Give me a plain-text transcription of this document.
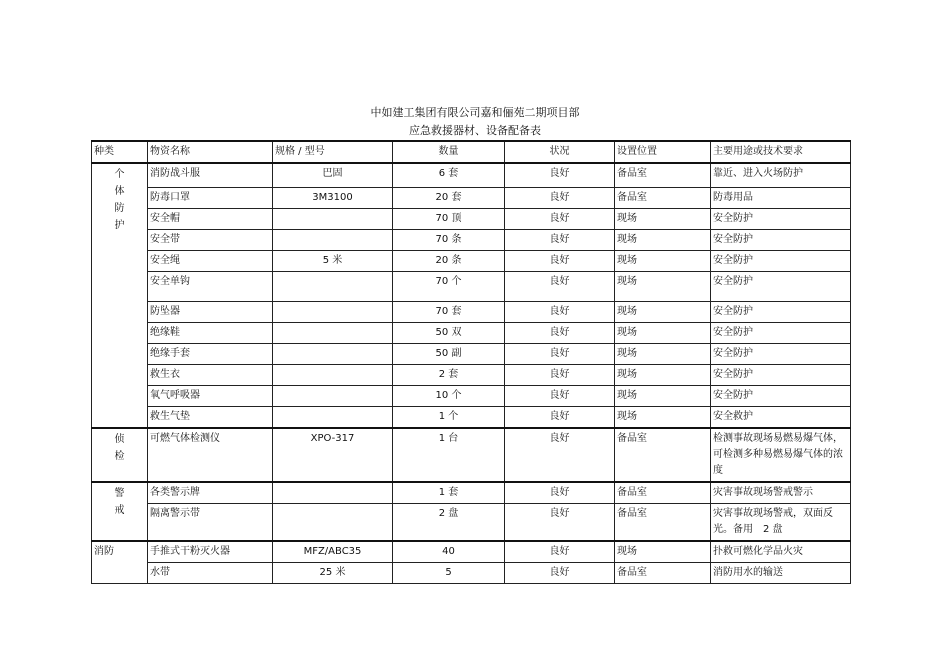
中如建工集团有限公司嘉和俪苑二期项目部
应急救援器材、设备配备表
种类	物资名称	规格 / 型号	数量	状况	设置位置	主要用途或技术要求

个
体
防
护	消防战斗服	巴固	6 套	良好	备品室	靠近、进入火场防护
	防毒口罩	3M3100	20 套	良好	备品室	防毒用品
	安全帽		70 顶	良好	现场	安全防护
	安全带		70 条	良好	现场	安全防护
	安全绳	5 米	20 条	良好	现场	安全防护
	安全单钩		70 个	良好	现场	安全防护
	防坠器		70 套	良好	现场	安全防护
	绝缘鞋		50 双	良好	现场	安全防护
	绝缘手套		50 副	良好	现场	安全防护
	救生衣		2 套	良好	现场	安全防护
	氧气呼吸器		10 个	良好	现场	安全防护
	救生气垫		1 个	良好	现场	安全救护

侦
检	可燃气体检测仪	XPO-317	1 台	良好	备品室	检测事故现场易燃易爆气体，可检测多种易燃易爆气体的浓度

警
戒	各类警示牌		1 套	良好	备品室	灾害事故现场警戒警示
	隔离警示带		2 盘	良好	备品室	灾害事故现场警戒，双面反光。备用　2 盘
消防	手推式干粉灭火器	MFZ/ABC35	40	良好	现场	扑救可燃化学品火灾
	水带	25 米	5	良好	备品室	消防用水的输送
